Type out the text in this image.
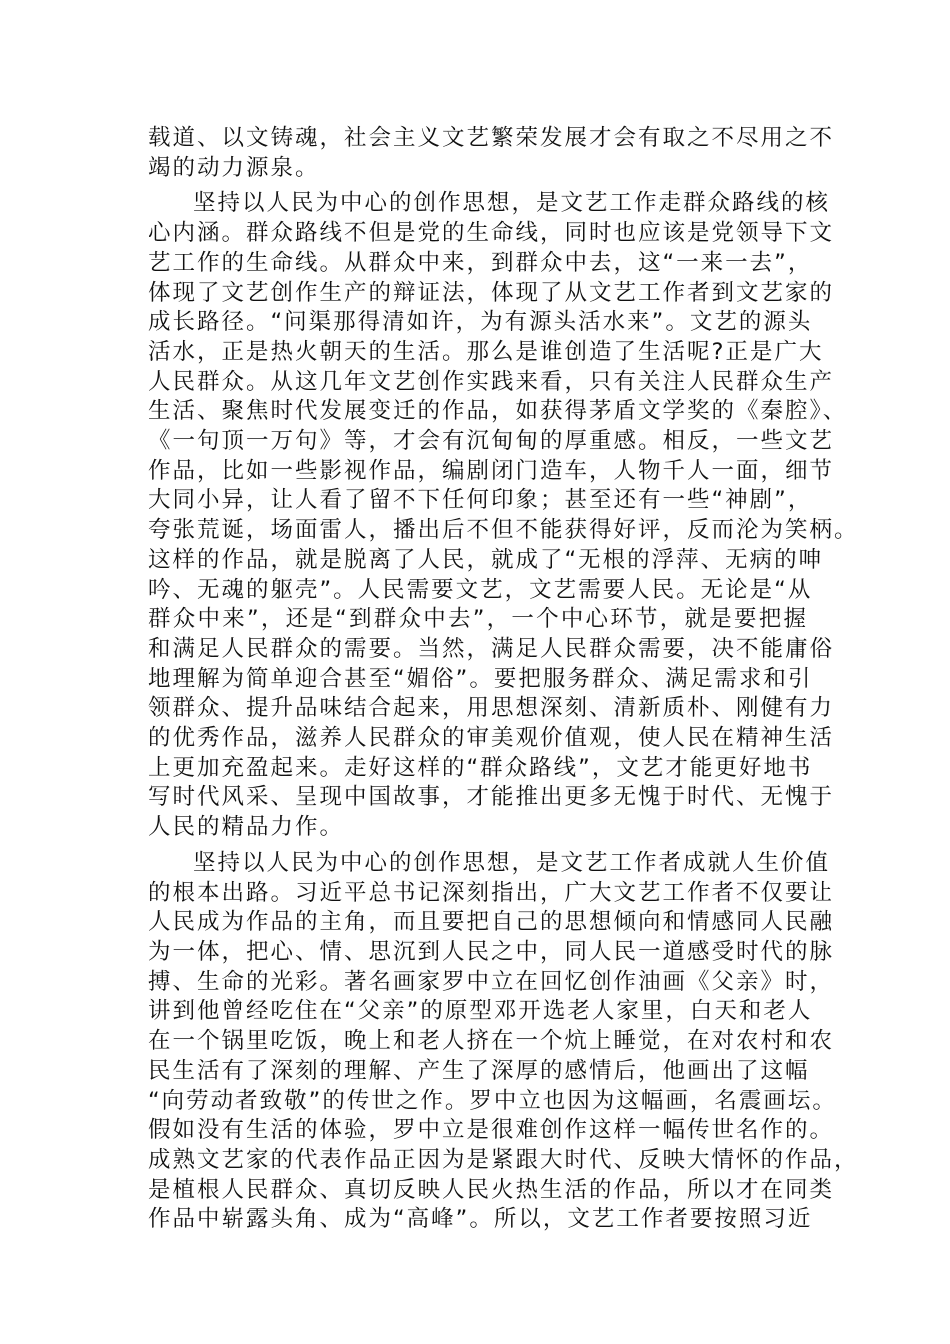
载道、以文铸魂，社会主义文艺繁荣发展才会有取之不尽用之不
竭的动力源泉。
坚持以人民为中心的创作思想，是文艺工作走群众路线的核
心内涵。群众路线不但是党的生命线，同时也应该是党领导下文
艺工作的生命线。从群众中来，到群众中去，这“一来一去”，
体现了文艺创作生产的辩证法，体现了从文艺工作者到文艺家的
成长路径。“问渠那得清如许，为有源头活水来”。文艺的源头
活水，正是热火朝天的生活。那么是谁创造了生活呢?正是广大
人民群众。从这几年文艺创作实践来看，只有关注人民群众生产
生活、聚焦时代发展变迁的作品，如获得茅盾文学奖的《秦腔》、
《一句顶一万句》等，才会有沉甸甸的厚重感。相反，一些文艺
作品，比如一些影视作品，编剧闭门造车，人物千人一面，细节
大同小异，让人看了留不下任何印象；甚至还有一些“神剧”，
夸张荒诞，场面雷人，播出后不但不能获得好评，反而沦为笑柄。
这样的作品，就是脱离了人民，就成了“无根的浮萍、无病的呻
吟、无魂的躯壳”。人民需要文艺，文艺需要人民。无论是“从
群众中来”，还是“到群众中去”，一个中心环节，就是要把握
和满足人民群众的需要。当然，满足人民群众需要，决不能庸俗
地理解为简单迎合甚至“媚俗”。要把服务群众、满足需求和引
领群众、提升品味结合起来，用思想深刻、清新质朴、刚健有力
的优秀作品，滋养人民群众的审美观价值观，使人民在精神生活
上更加充盈起来。走好这样的“群众路线”，文艺才能更好地书
写时代风采、呈现中国故事，才能推出更多无愧于时代、无愧于
人民的精品力作。
坚持以人民为中心的创作思想，是文艺工作者成就人生价值
的根本出路。习近平总书记深刻指出，广大文艺工作者不仅要让
人民成为作品的主角，而且要把自己的思想倾向和情感同人民融
为一体，把心、情、思沉到人民之中，同人民一道感受时代的脉
搏、生命的光彩。著名画家罗中立在回忆创作油画《父亲》时，
讲到他曾经吃住在“父亲”的原型邓开选老人家里，白天和老人
在一个锅里吃饭，晚上和老人挤在一个炕上睡觉，在对农村和农
民生活有了深刻的理解、产生了深厚的感情后，他画出了这幅
“向劳动者致敬”的传世之作。罗中立也因为这幅画，名震画坛。
假如没有生活的体验，罗中立是很难创作这样一幅传世名作的。
成熟文艺家的代表作品正因为是紧跟大时代、反映大情怀的作品，
是植根人民群众、真切反映人民火热生活的作品，所以才在同类
作品中崭露头角、成为“高峰”。所以，文艺工作者要按照习近
